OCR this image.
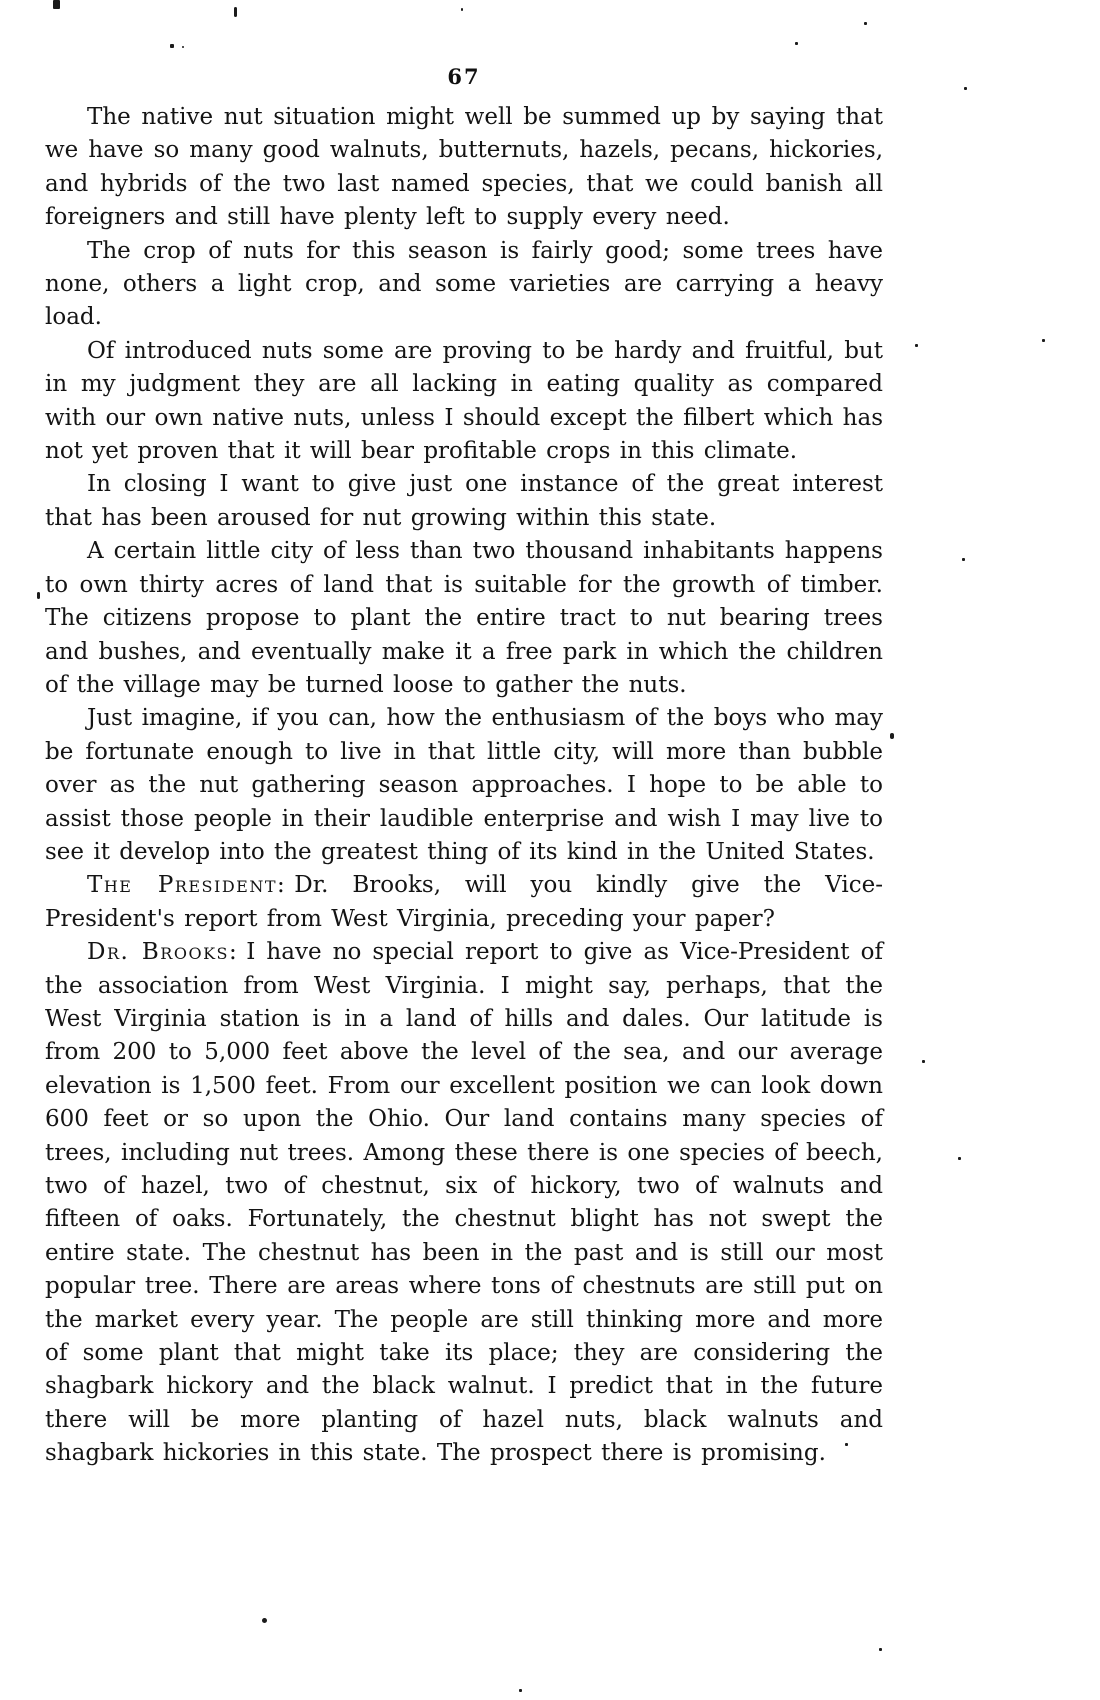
67

The native nut situation might well be summed up by saying that we have so many good walnuts, butternuts, hazels, pecans, hickories, and hybrids of the two last named species, that we could banish all foreigners and still have plenty left to supply every need.

The crop of nuts for this season is fairly good; some trees have none, others a light crop, and some varieties are carrying a heavy load.

Of introduced nuts some are proving to be hardy and fruitful, but in my judgment they are all lacking in eating quality as compared with our own native nuts, unless I should except the filbert which has not yet proven that it will bear profitable crops in this climate.

In closing I want to give just one instance of the great interest that has been aroused for nut growing within this state.

A certain little city of less than two thousand inhabitants happens to own thirty acres of land that is suitable for the growth of timber. The citizens propose to plant the entire tract to nut bearing trees and bushes, and eventually make it a free park in which the children of the village may be turned loose to gather the nuts.

Just imagine, if you can, how the enthusiasm of the boys who may be fortunate enough to live in that little city, will more than bubble over as the nut gathering season approaches. I hope to be able to assist those people in their laudible enterprise and wish I may live to see it develop into the greatest thing of its kind in the United States.

The President: Dr. Brooks, will you kindly give the Vice-President's report from West Virginia, preceding your paper?

Dr. Brooks: I have no special report to give as Vice-President of the association from West Virginia. I might say, perhaps, that the West Virginia station is in a land of hills and dales. Our latitude is from 200 to 5,000 feet above the level of the sea, and our average elevation is 1,500 feet. From our excellent position we can look down 600 feet or so upon the Ohio. Our land contains many species of trees, including nut trees. Among these there is one species of beech, two of hazel, two of chestnut, six of hickory, two of walnuts and fifteen of oaks. Fortunately, the chestnut blight has not swept the entire state. The chestnut has been in the past and is still our most popular tree. There are areas where tons of chestnuts are still put on the market every year. The people are still thinking more and more of some plant that might take its place; they are considering the shagbark hickory and the black walnut. I predict that in the future there will be more planting of hazel nuts, black walnuts and shagbark hickories in this state. The prospect there is promising.
